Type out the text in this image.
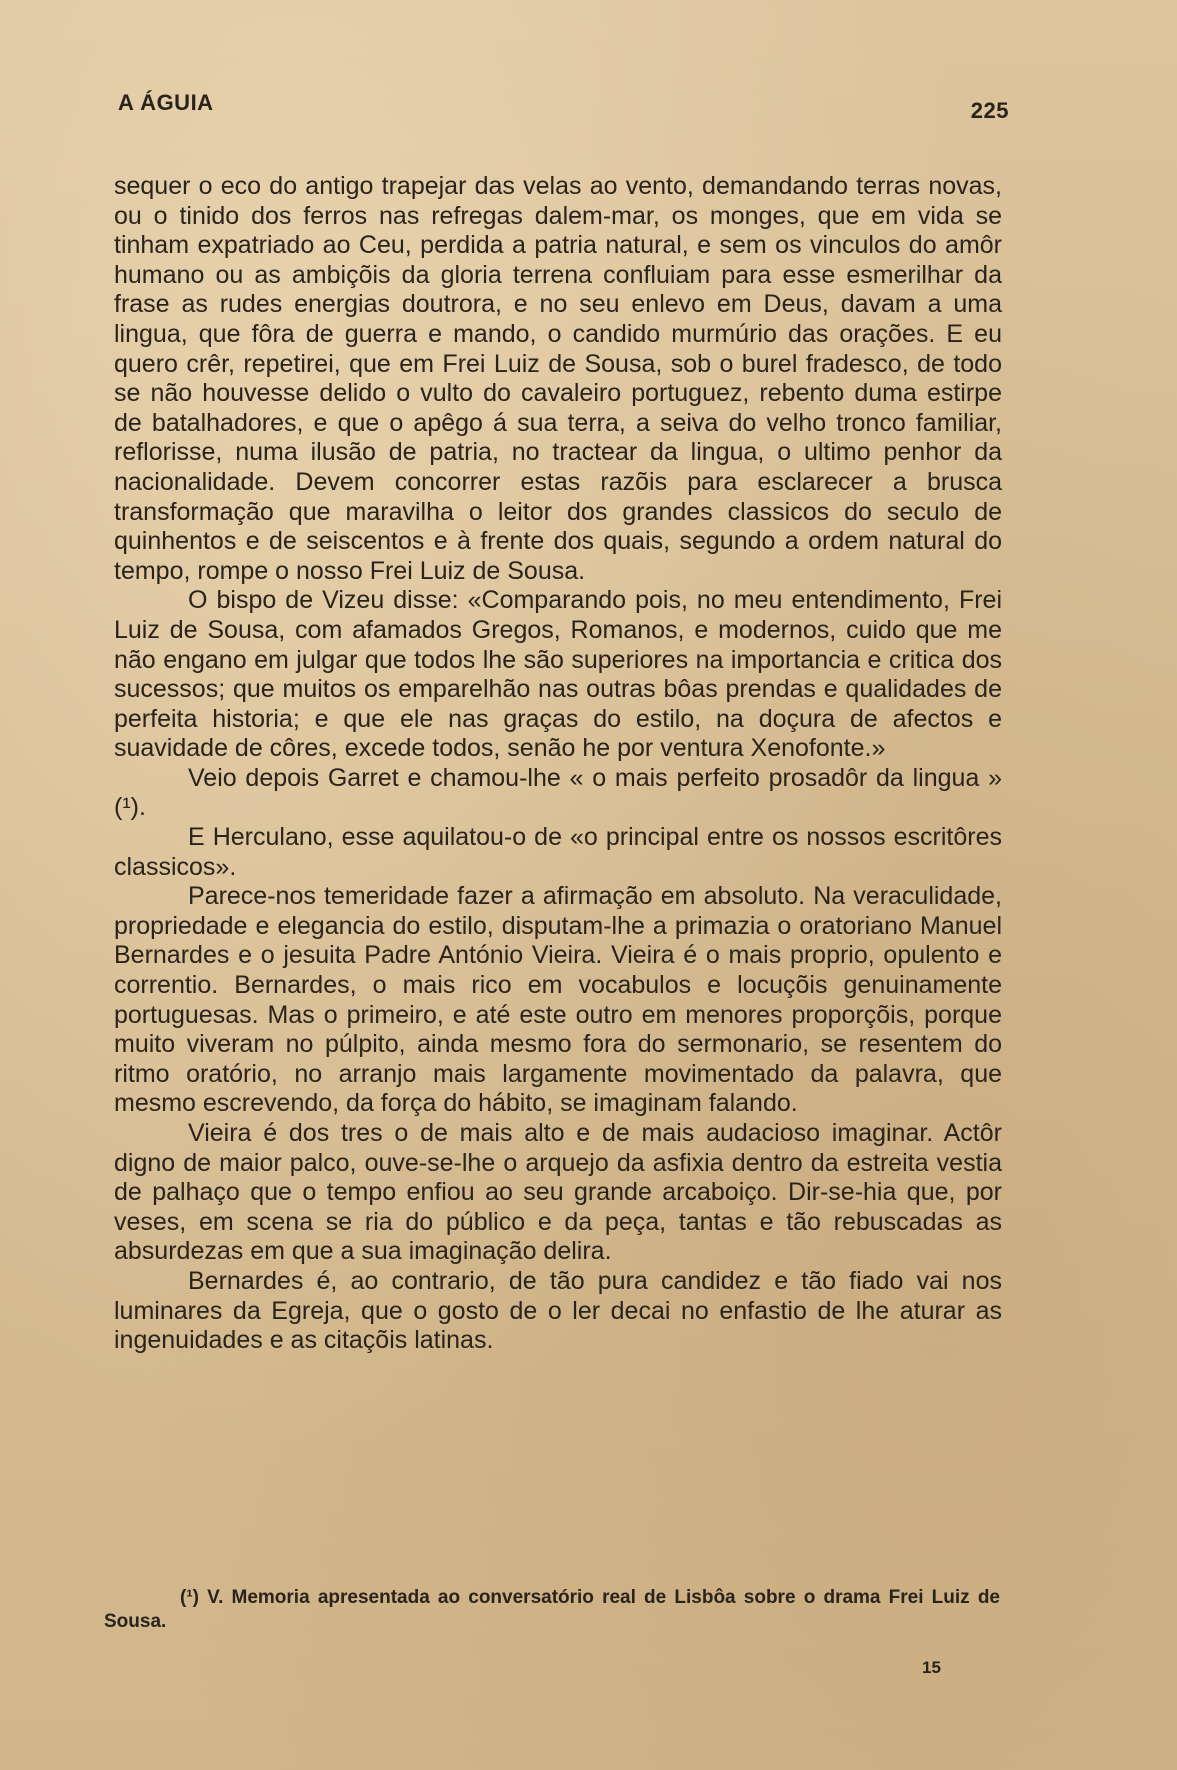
A ÁGUIA	225

sequer o eco do antigo trapejar das velas ao vento, demandando terras novas, ou o tinido dos ferros nas refregas dalem-mar, os monges, que em vida se tinham expatriado ao Ceu, perdida a patria natural, e sem os vinculos do amôr humano ou as ambiçõis da gloria terrena confluiam para esse esmerilhar da frase as rudes energias doutrora, e no seu enlevo em Deus, davam a uma lingua, que fôra de guerra e mando, o candido murmúrio das orações. E eu quero crêr, repetirei, que em Frei Luiz de Sousa, sob o burel fradesco, de todo se não houvesse delido o vulto do cavaleiro portuguez, rebento duma estirpe de batalhadores, e que o apêgo á sua terra, a seiva do velho tronco familiar, reflorisse, numa ilusão de patria, no tractear da lingua, o ultimo penhor da nacionalidade. Devem concorrer estas razõis para esclarecer a brusca transformação que maravilha o leitor dos grandes classicos do seculo de quinhentos e de seiscentos e à frente dos quais, segundo a ordem natural do tempo, rompe o nosso Frei Luiz de Sousa.

O bispo de Vizeu disse: «Comparando pois, no meu entendimento, Frei Luiz de Sousa, com afamados Gregos, Romanos, e modernos, cuido que me não engano em julgar que todos lhe são superiores na importancia e critica dos sucessos; que muitos os emparelhão nas outras bôas prendas e qualidades de perfeita historia; e que ele nas graças do estilo, na doçura de afectos e suavidade de côres, excede todos, senão he por ventura Xenofonte.»

Veio depois Garret e chamou-lhe « o mais perfeito prosadôr da lingua » (¹).

E Herculano, esse aquilatou-o de «o principal entre os nossos escritôres classicos».

Parece-nos temeridade fazer a afirmação em absoluto. Na veraculidade, propriedade e elegancia do estilo, disputam-lhe a primazia o oratoriano Manuel Bernardes e o jesuita Padre António Vieira. Vieira é o mais proprio, opulento e correntio. Bernardes, o mais rico em vocabulos e locuçõis genuinamente portuguesas. Mas o primeiro, e até este outro em menores proporçõis, porque muito viveram no púlpito, ainda mesmo fora do sermonario, se resentem do ritmo oratório, no arranjo mais largamente movimentado da palavra, que mesmo escrevendo, da força do hábito, se imaginam falando.

Vieira é dos tres o de mais alto e de mais audacioso imaginar. Actôr digno de maior palco, ouve-se-lhe o arquejo da asfixia dentro da estreita vestia de palhaço que o tempo enfiou ao seu grande arcaboiço. Dir-se-hia que, por veses, em scena se ria do público e da peça, tantas e tão rebuscadas as absurdezas em que a sua imaginação delira.

Bernardes é, ao contrario, de tão pura candidez e tão fiado vai nos luminares da Egreja, que o gosto de o ler decai no enfastio de lhe aturar as ingenuidades e as citaçõis latinas.

(¹) V. Memoria apresentada ao conversatório real de Lisbôa sobre o drama Frei Luiz de Sousa.
15
